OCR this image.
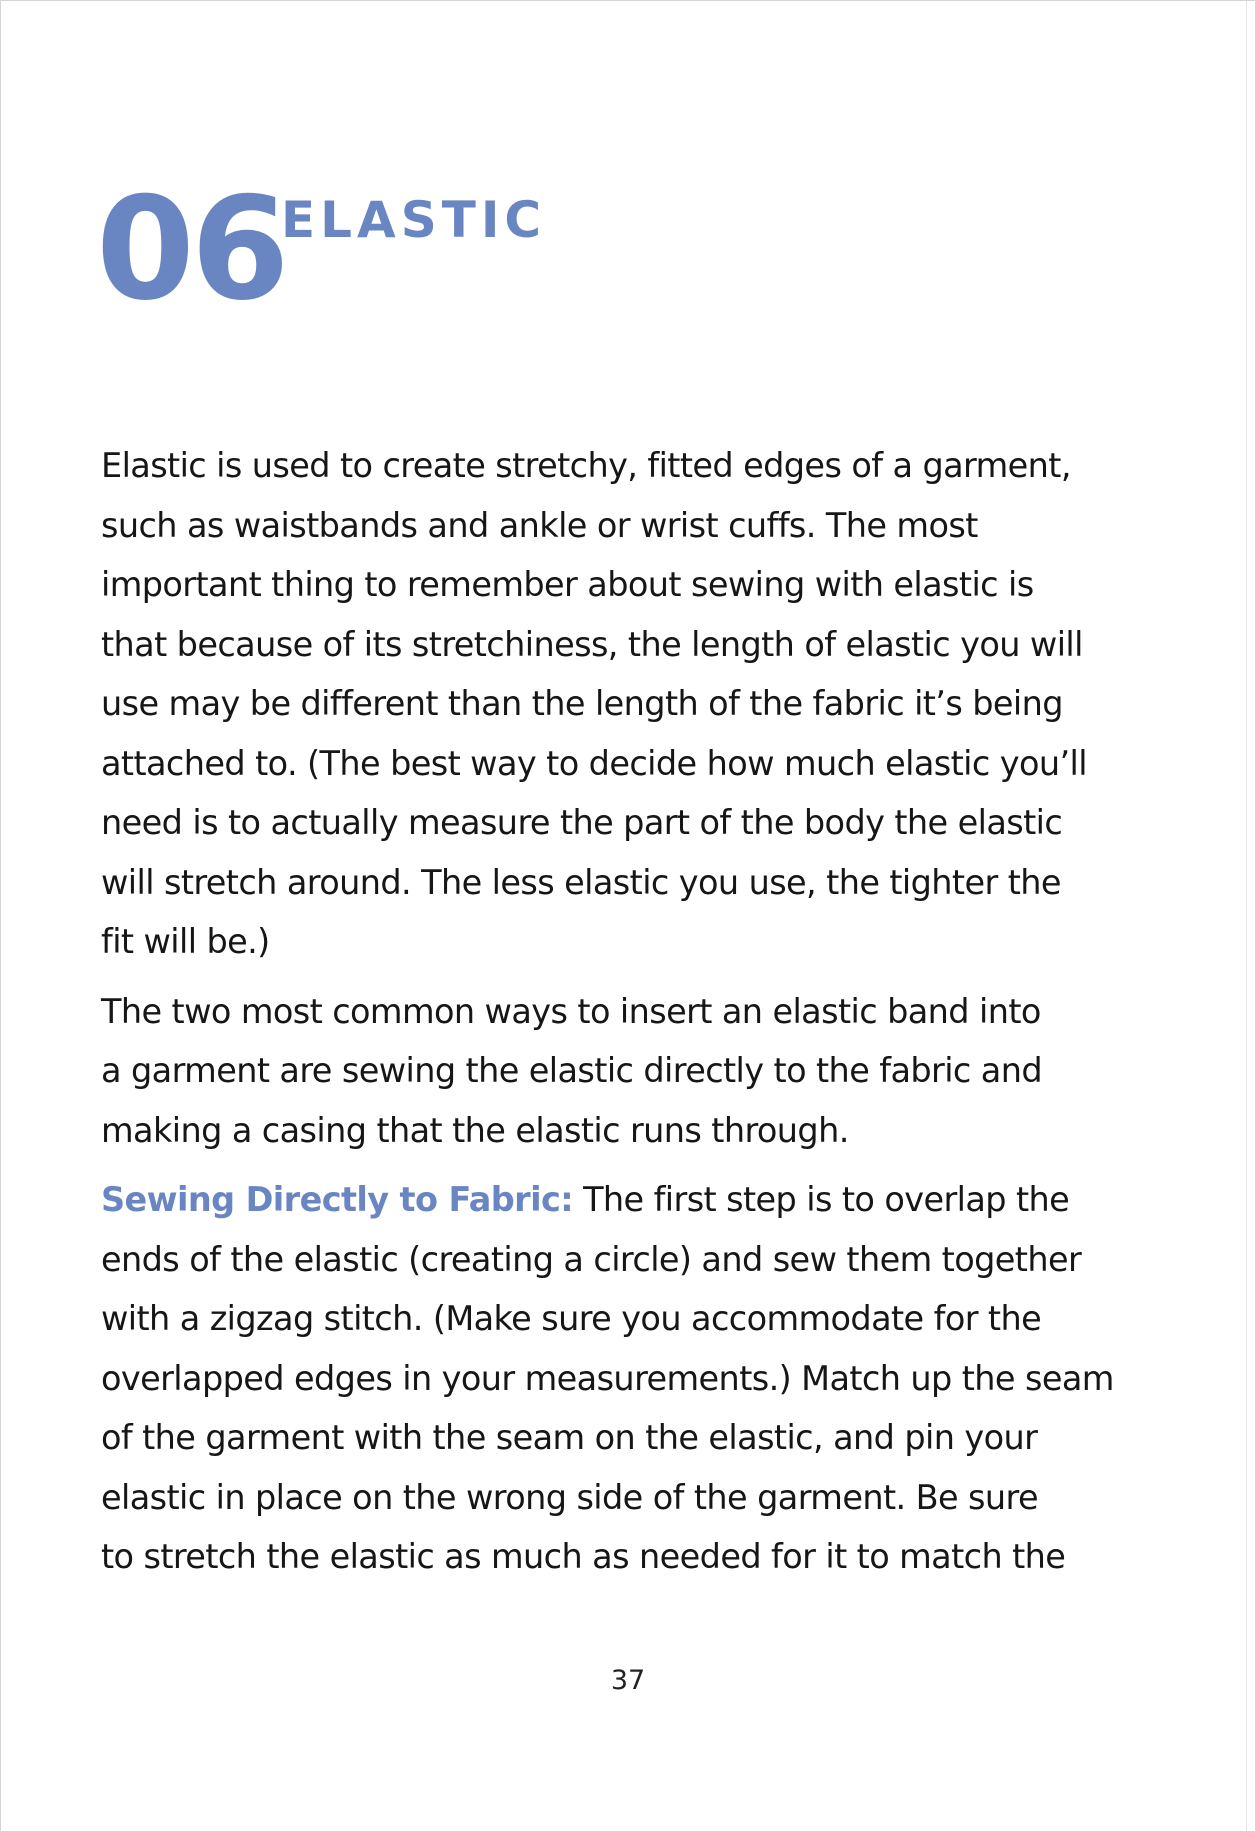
06
ELASTIC

Elastic is used to create stretchy, fitted edges of a garment,
such as waistbands and ankle or wrist cuffs. The most
important thing to remember about sewing with elastic is
that because of its stretchiness, the length of elastic you will
use may be different than the length of the fabric it’s being
attached to. (The best way to decide how much elastic you’ll
need is to actually measure the part of the body the elastic
will stretch around. The less elastic you use, the tighter the
fit will be.)

The two most common ways to insert an elastic band into
a garment are sewing the elastic directly to the fabric and
making a casing that the elastic runs through.

Sewing Directly to Fabric: The first step is to overlap the
ends of the elastic (creating a circle) and sew them together
with a zigzag stitch. (Make sure you accommodate for the
overlapped edges in your measurements.) Match up the seam
of the garment with the seam on the elastic, and pin your
elastic in place on the wrong side of the garment. Be sure
to stretch the elastic as much as needed for it to match the

37
